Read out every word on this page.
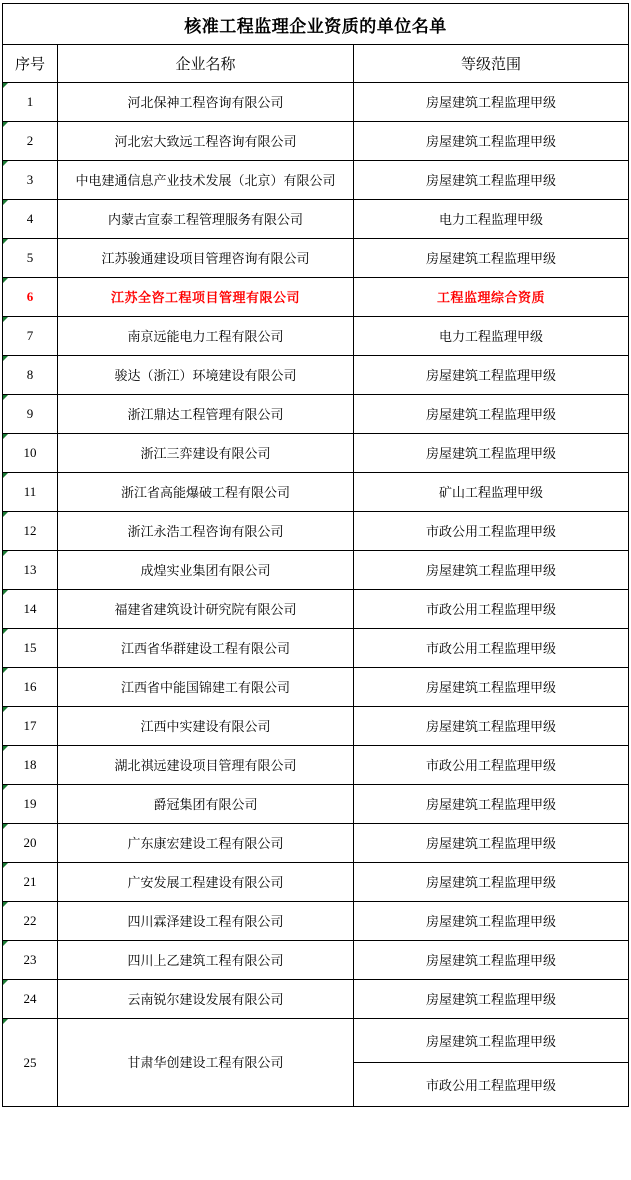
核准工程监理企业资质的单位名单		
序号	企业名称	等级范围

1	河北保神工程咨询有限公司	房屋建筑工程监理甲级

2	河北宏大致远工程咨询有限公司	房屋建筑工程监理甲级

3	中电建通信息产业技术发展（北京）有限公司	房屋建筑工程监理甲级

4	内蒙古宣泰工程管理服务有限公司	电力工程监理甲级

5	江苏骏通建设项目管理咨询有限公司	房屋建筑工程监理甲级

6	江苏全咨工程项目管理有限公司	工程监理综合资质

7	南京远能电力工程有限公司	电力工程监理甲级

8	骏达（浙江）环境建设有限公司	房屋建筑工程监理甲级

9	浙江鼎达工程管理有限公司	房屋建筑工程监理甲级

10	浙江三弈建设有限公司	房屋建筑工程监理甲级

11	浙江省高能爆破工程有限公司	矿山工程监理甲级

12	浙江永浩工程咨询有限公司	市政公用工程监理甲级

13	成煌实业集团有限公司	房屋建筑工程监理甲级

14	福建省建筑设计研究院有限公司	市政公用工程监理甲级

15	江西省华群建设工程有限公司	市政公用工程监理甲级

16	江西省中能国锦建工有限公司	房屋建筑工程监理甲级

17	江西中实建设有限公司	房屋建筑工程监理甲级

18	湖北祺远建设项目管理有限公司	市政公用工程监理甲级

19	爵冠集团有限公司	房屋建筑工程监理甲级

20	广东康宏建设工程有限公司	房屋建筑工程监理甲级

21	广安发展工程建设有限公司	房屋建筑工程监理甲级

22	四川霖泽建设工程有限公司	房屋建筑工程监理甲级

23	四川上乙建筑工程有限公司	房屋建筑工程监理甲级

24	云南锐尔建设发展有限公司	房屋建筑工程监理甲级

25	甘肃华创建设工程有限公司	房屋建筑工程监理甲级
市政公用工程监理甲级
